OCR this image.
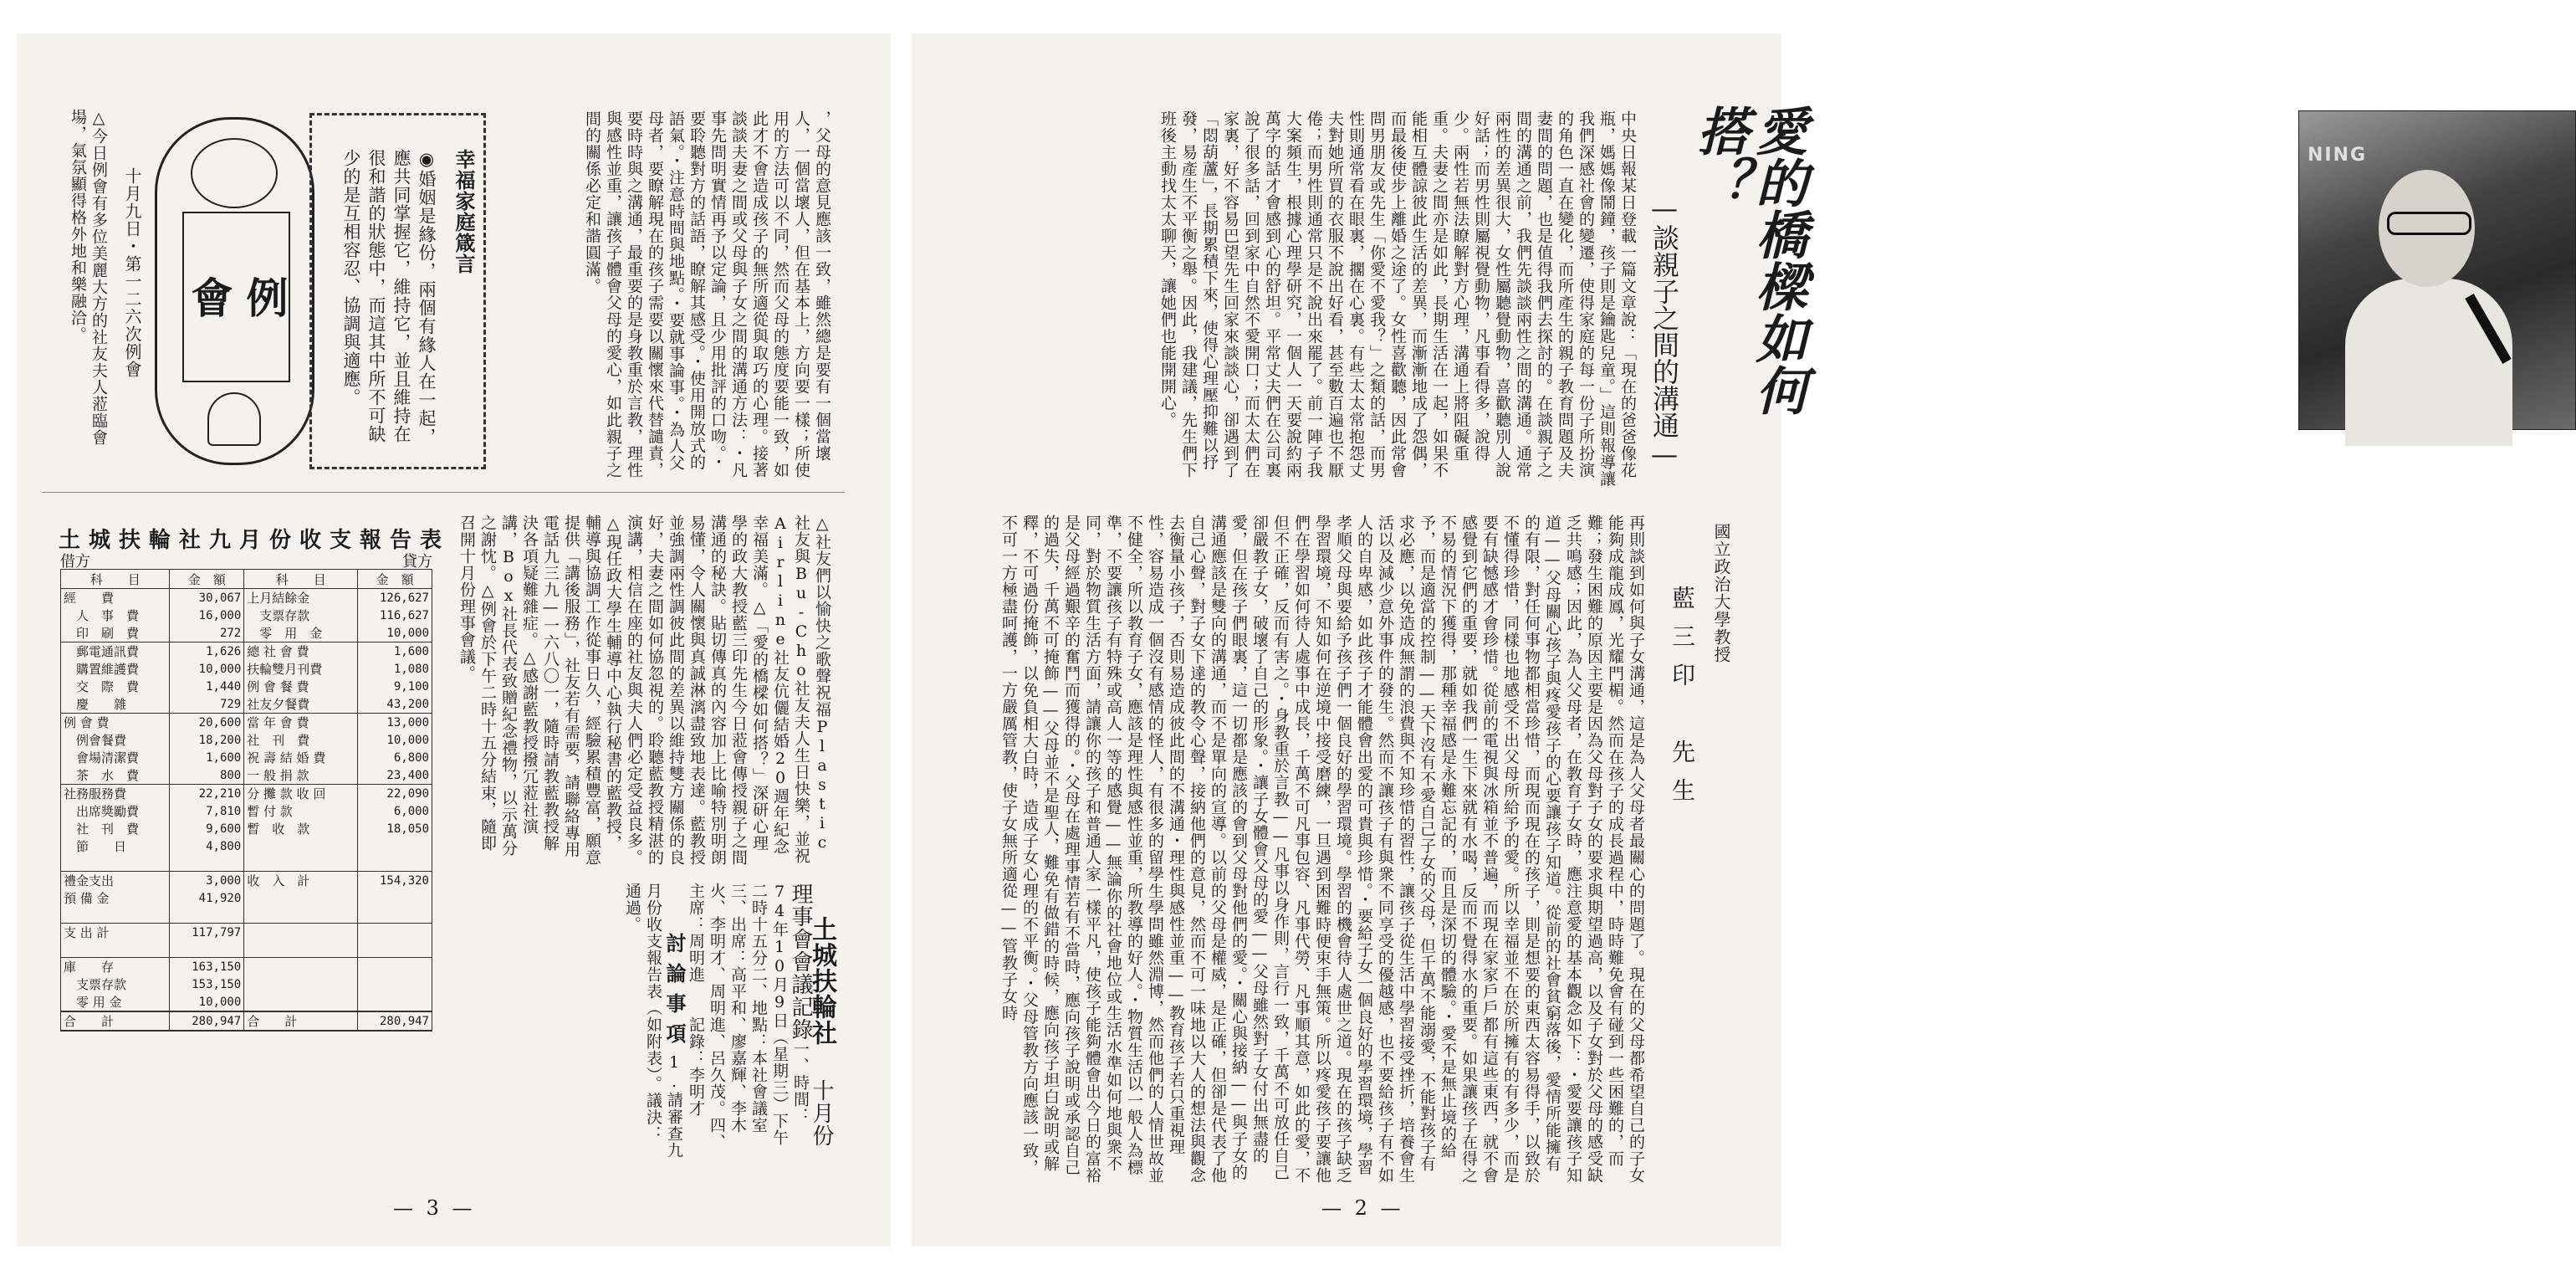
例
會
十月九日・第一二六次例會
△今日例會有多位美麗大方的社友夫人蒞臨會場，氣氛顯得格外地和樂融洽。	幸福家庭箴言
◉婚姻是緣份，兩個有緣人在一起，應共同掌握它，維持它，並且維持在很和諧的狀態中，而這其中所不可缺少的是互相容忍、協調與適應。	，父母的意見應該一致，雖然總是要有一個當壞人，一個當壞人，但在基本上，方向要一樣；所使用的方法可以不同，然而父母的態度要能一致，如此才不會造成孩子的無所適從與取巧的心理。接著談談夫妻之間或父母與子女之間的溝通方法：・凡事先問明實情再予以定論，且少用批評的口吻。・要聆聽對方的話語，瞭解其感受。・使用開放式的語氣。・注意時間與地點。・要就事論事。・為人父母者，要瞭解現在的孩子需要以關懷來代替譴責，要時時與之溝通，最重要的是身教重於言教，理性與感性並重，讓孩子體會父母的愛心，如此親子之間的關係必定和諧圓滿。
土城扶輪社九月份收支報告表
借方	貸方
科　　目	金　額	科　　目	金　額
經　　費	30,067	上月結餘金	126,627
　人　事　費	16,000	　支票存款	116,627
　印　刷　費	272	　零　用　金	10,000
　郵電通訊費	1,626	總 社 會 費	1,600
　購置維護費	10,000	扶輪雙月刊費	1,080
　交　際　費	1,440	例 會 餐 費	9,100
　慶　　雜	729	社友夕餐費	43,200
例 會 費	20,600	當 年 會 費	13,000
　例會餐費	18,200	社　刊　費	10,000
　會場清潔費	1,600	祝 壽 結 婚 費	6,800
　茶　水　費	800	一 般 捐 款	23,400
社務服務費	22,210	分 攤 款 收 回	22,090
　出席獎勵費	7,810	暫 付 款	6,000
　社　刊　費	9,600	暫　收　款	18,050
　節　　日	4,800		

禮金支出	3,000	收　入　計	154,320
預 備 金	41,920		

支 出 計	117,797		

庫　　存	163,150		
　支票存款	153,150		
　零 用 金	10,000		
合　　計	280,947	合　　計	280,947
△社友們以愉快之歌聲祝福Plastic社友與Bu-Cho社友夫人生日快樂，並祝Airline社友伉儷結婚20週年紀念幸福美滿。△「愛的橋樑如何搭？」深研心理學的政大教授藍三印先生今日蒞會傳授親子之間溝通的秘訣。貼切傳真的內容加上比喻特別明朗易懂，令人關懷與真誠淋漓盡致地表達。藍教授並強調兩性調彼此間的差異以維持雙方關係的良好，夫妻之間如何協忽視的。聆聽藍教授精湛的演講，相信在座的社友與夫人們必定受益良多。△現任政大學生輔導中心執行秘書的藍教授，輔導與協調工作從事日久，經驗累積豐富，願意提供「講後服務」，社友若有需要，請聯絡專用電話九三九—一六八〇一，隨時請教藍教授解決各項疑難雜症。△感謝藍教授撥冗蒞社演講，Box社長代表致贈紀念禮物，以示萬分之謝忱。△例會於下午二時十五分結束，隨即召開十月份理事會議。
土城扶輪社十月份理事會會議記錄一、時間：74年10月9日（星期三）下午二時十五分二、地點：本社會議室三、出席：高平和、廖嘉輝、李木火、李明才、周明進、呂久茂。四、主席：周明進　　記錄：李明才討論事項1.請審查九月份收支報告表（如附表）。議決：通過。
— 3 —
愛的橋樑如何搭？
—談親子之間的溝通—
NING
中央日報某日登載一篇文章說：「現在的爸爸像花瓶，媽媽像鬧鐘，孩子則是鑰匙兒童。」這則報導讓我們深感社會的變遷，使得家庭的每一份子所扮演的角色一直在變化，而所產生的親子教育問題及夫妻間的問題，也是值得我們去探討的。在談親子之間的溝通之前，我們先談談兩性之間的溝通。通常兩性的差異很大，女性屬聽覺動物，喜歡聽別人說好話；而男性則屬視覺動物，凡事看得多，說得少。兩性若無法瞭解對方心理，溝通上將阻礙重重。夫妻之間亦是如此，長期生活在一起，如果不能相互體諒彼此生活的差異，而漸漸地成了怨偶，而最後使步上離婚之途了。女性喜歡聽，因此常會問男朋友或先生「你愛不愛我？」之類的話，而男性則通常看在眼裏，擱在心裏。有些太太常抱怨丈夫對她所買的衣服不說出好看，甚至數百遍也不厭倦；而男性則通常只是不說出來罷了。前一陣子我大案頻生，根據心理學研究，一個人一天要說約兩萬字的話才會感到心的舒坦。平常丈夫們在公司裏說了很多話，回到家中自然不愛開口；而太太們在家裏，好不容易巴望先生回家來談談心，卻遇到了「悶葫蘆」，長期累積下來，使得心理壓抑難以抒發，易產生不平衡之舉。因此，我建議，先生們下班後主動找太太聊天，讓她們也能開開心。
國立政治大學教授
藍三印　先生
再則談到如何與子女溝通，這是為人父母者最關心的問題了。現在的父母都希望自己的子女能夠成龍成鳳，光耀門楣。然而在孩子的成長過程中，時時難免會有碰到一些困難的，而難；發生困難的原因主要是因為父母對子女的要求與期望過高，以及子女對於父母的感受缺乏共鳴感；因此，為人父母者，在教育子女時，應注意愛的基本觀念如下：・愛要讓孩子知道——父母關心孩子與疼愛孩子的心要讓孩子知道。從前的社會貧窮落後，愛情所能擁有的有限，對任何事物都相當珍惜，而現而現在的孩子，則是想要的東西太容易得手，以致於不懂得珍惜，同樣也地感受不出父母所給予的愛。所以幸福並不在於所擁有的有多少，而是要有缺憾感才會珍惜。從前的電視與冰箱並不普遍，而現在家家戶戶都有這些東西，就不會感覺到它們的重要，就如我們一生下來就有水喝，反而不覺得水的重要。如果讓孩子在得之不易的情況下獲得，那種幸福感是永難忘記的，而且是深切的體驗。・愛不是無止境的給予，而是適當的控制——天下沒有不愛自己子女的父母，但千萬不能溺愛，不能對孩子有求必應，以免造成無謂的浪費與不知珍惜的習性，讓孩子從生活中學習接受挫折，培養會生活以及減少意外事件的發生。然而不讓孩子有與衆不同享受的優越感，也不要給孩子有不如人的自卑感，如此孩子才能體會出愛的可貴與珍惜。・要給子女一個良好的學習環境，學習孝順父母與要給予孩子們一個良好的學習環境。學習的機會待人處世之道。現在的孩子缺乏學習環境，不知如何在逆境中接受磨練，一旦遇到困難時便束手無策。所以疼愛孩子要讓他們在學習如何待人處事中成長，千萬不可凡事包容、凡事代勞、凡事順其意，如此的愛，不但不正確，反而有害之。・身教重於言教——凡事以身作則，言行一致，千萬不可放任自己卻嚴教子女，破壞了自己的形象。・讓子女體會父母的愛——父母雖然對子女付出無盡的愛，但在孩子們眼裏，這一切都是應該的會到父母對他們的愛。・關心與接納——與子女的溝通應該是雙向的溝通，而不是單向的宣導。以前的父母是權威，是正確，但卻是代表了他自己心聲，對子女下達的教令心聲，接納他們的意見，然而不可一味地以大人的想法與觀念去衡量小孩子，否則易造成彼此間的不溝通・理性與感性並重——教育孩子若只重視理性，容易造成一個沒有感情的怪人，有很多的留學生學問雖然淵博，然而他們的人情世故並不健全，所以教育子女，應該是理性與感性並重，所教導的好人。・物質生活以一般人為標準，不要讓孩子有特殊或高人一等的感覺——無論你的社會地位或生活水準如何地與衆不同，對於物質生活方面，請讓你的孩子和普通人家一樣平凡，使孩子能夠體會出今日的富裕是父母經過艱辛的奮鬥而獲得的。・父母在處理事情若有不當時，應向孩子說明或承認自己的過失，千萬不可掩飾——父母並不是聖人，難免有做錯的時候，應向孩子坦白說明或解釋，不可過份掩飾，以免負相大白時，造成子女心理的不平衡。・父母管教方向應該一致，不可一方極盡呵護，一方嚴厲管教，使子女無所適從——管教子女時
— 2 —
